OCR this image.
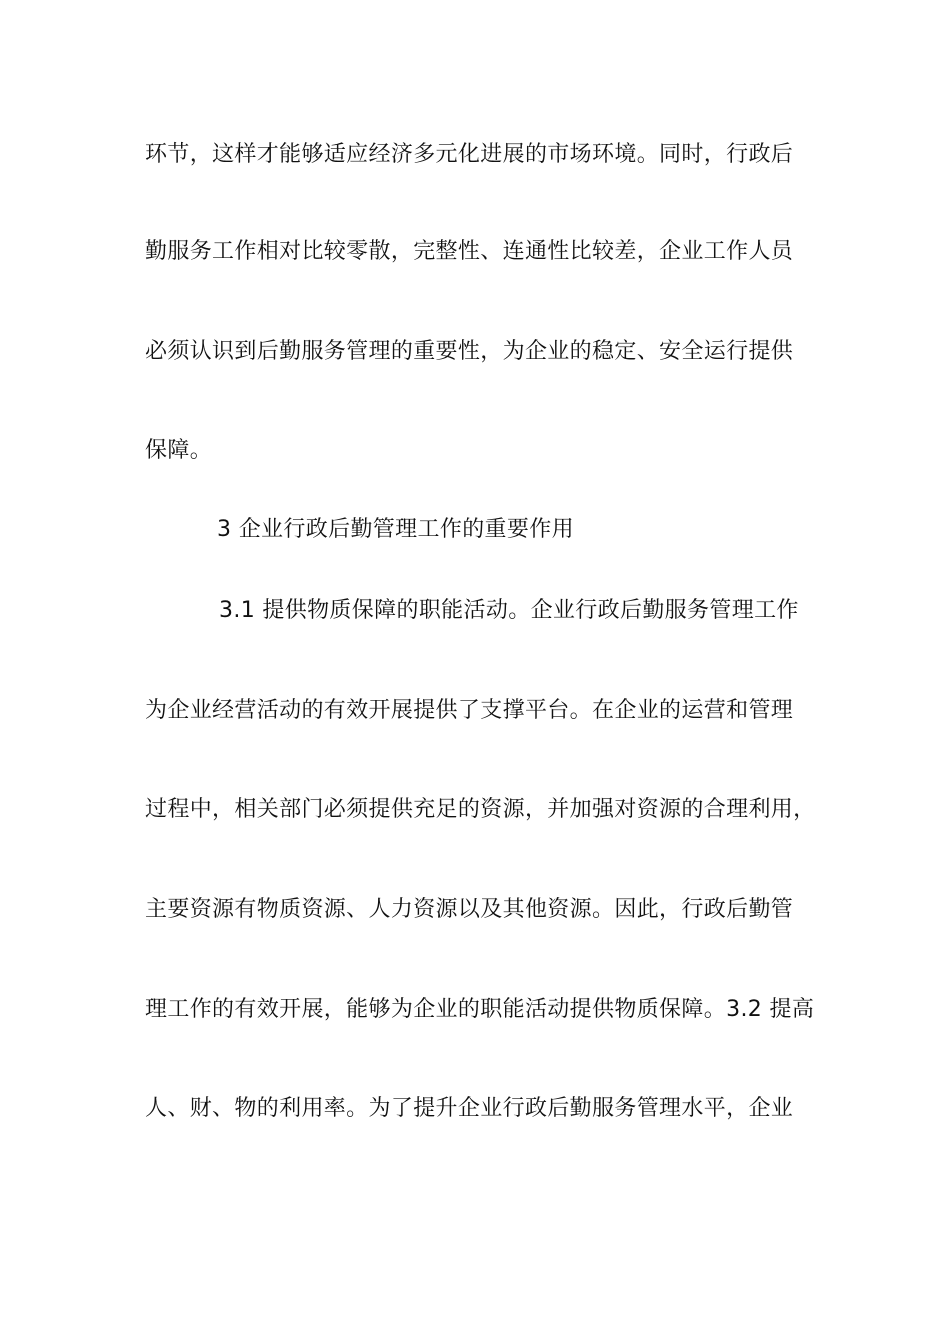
环节，这样才能够适应经济多元化进展的市场环境。同时，行政后
勤服务工作相对比较零散，完整性、连通性比较差，企业工作人员
必须认识到后勤服务管理的重要性，为企业的稳定、安全运行提供
保障。
3 企业行政后勤管理工作的重要作用
3.1 提供物质保障的职能活动。企业行政后勤服务管理工作
为企业经营活动的有效开展提供了支撑平台。在企业的运营和管理
过程中，相关部门必须提供充足的资源，并加强对资源的合理利用，
主要资源有物质资源、人力资源以及其他资源。因此，行政后勤管
理工作的有效开展，能够为企业的职能活动提供物质保障。3.2 提高
人、财、物的利用率。为了提升企业行政后勤服务管理水平，企业
